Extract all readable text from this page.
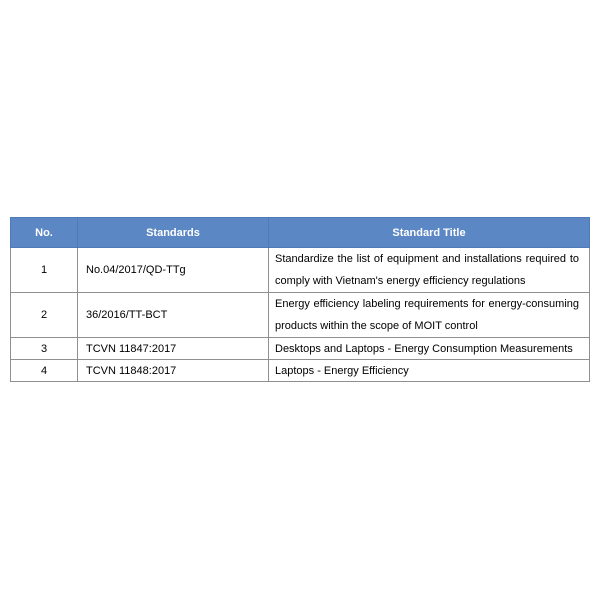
No.	Standards	Standard Title
1	No.04/2017/QD-TTg	Standardize the list of equipment and installations required to comply with Vietnam's energy efficiency regulations
2	36/2016/TT-BCT	Energy efficiency labeling requirements for energy-consuming products within the scope of MOIT control
3	TCVN 11847:2017	Desktops and Laptops - Energy Consumption Measurements
4	TCVN 11848:2017	Laptops - Energy Efficiency
